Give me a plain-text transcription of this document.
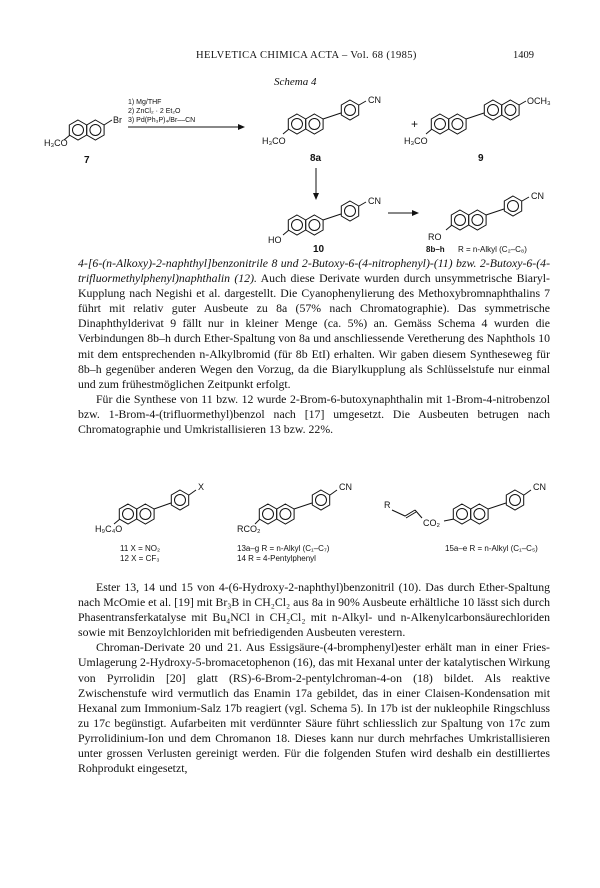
HELVETICA CHIMICA ACTA – Vol. 68 (1985)	1409
Schema 4
H₃CO
Br
7
1) Mg/THF
2) ZnCl₂ · 2 Et₂O
3) Pd(Ph₃P)₄/Br––CN
CN
H₃CO
8a
+
OCH₃
H₃CO
9
CN
HO
10
CN
RO
8b–h R = n-Alkyl (C₂–C₈)

4-[6-(n-Alkoxy)-2-naphthyl]benzonitrile 8 und 2-Butoxy-6-(4-nitrophenyl)-(11) bzw. 2-Butoxy-6-(4-trifluormethylphenyl)naphthalin (12). Auch diese Derivate wurden durch unsymmetrische Biaryl-Kupplung nach Negishi et al. dargestellt. Die Cyanophenylierung des Methoxybromnaphthalins 7 führt mit relativ guter Ausbeute zu 8a (57% nach Chromatographie). Das symmetrische Dinaphthylderivat 9 fällt nur in kleiner Menge (ca. 5%) an. Gemäss Schema 4 wurden die Verbindungen 8b–h durch Ether-Spaltung von 8a und anschliessende Veretherung des Naphthols 10 mit dem entsprechenden n-Alkylbromid (für 8b EtI) erhalten. Wir gaben diesem Syntheseweg für 8b–h gegenüber anderen Wegen den Vorzug, da die Biarylkupplung als Schlüsselstufe nur einmal und zum frühestmöglichen Zeitpunkt erfolgt.

Für die Synthese von 11 bzw. 12 wurde 2-Brom-6-butoxynaphthalin mit 1-Brom-4-nitrobenzol bzw. 1-Brom-4-(trifluormethyl)benzol nach [17] umgesetzt. Die Ausbeuten betrugen nach Chromatographie und Umkristallisieren 13 bzw. 22%.

X
H₉C₄O
11 X = NO₂
12 X = CF₃
CN
RCO₂
13a–g R = n-Alkyl (C₁–C₇)
14 R = 4-Pentylphenyl
R
CO₂
CN
15a–e R = n-Alkyl (C₁–C₅)

Ester 13, 14 und 15 von 4-(6-Hydroxy-2-naphthyl)benzonitril (10). Das durch Ether-Spaltung nach McOmie et al. [19] mit Br₃B in CH₂Cl₂ aus 8a in 90% Ausbeute erhältliche 10 lässt sich durch Phasentransferkatalyse mit Bu₄NCl in CH₂Cl₂ mit n-Alkyl- und n-Alkenylcarbonsäurechloriden sowie mit Benzoylchloriden mit befriedigenden Ausbeuten verestern.

Chroman-Derivate 20 und 21. Aus Essigsäure-(4-bromphenyl)ester erhält man in einer Fries-Umlagerung 2-Hydroxy-5-bromacetophenon (16), das mit Hexanal unter der katalytischen Wirkung von Pyrrolidin [20] glatt (RS)-6-Brom-2-pentylchroman-4-on (18) bildet. Als reaktive Zwischenstufe wird vermutlich das Enamin 17a gebildet, das in einer Claisen-Kondensation mit Hexanal zum Immonium-Salz 17b reagiert (vgl. Schema 5). In 17b ist der nukleophile Ringschluss zu 17c begünstigt. Aufarbeiten mit verdünnter Säure führt schliesslich zur Spaltung von 17c zum Pyrrolidinium-Ion und dem Chromanon 18. Dieses kann nur durch mehrfaches Umkristallisieren unter grossen Verlusten gereinigt werden. Für die folgenden Stufen wird deshalb ein destilliertes Rohprodukt eingesetzt,
